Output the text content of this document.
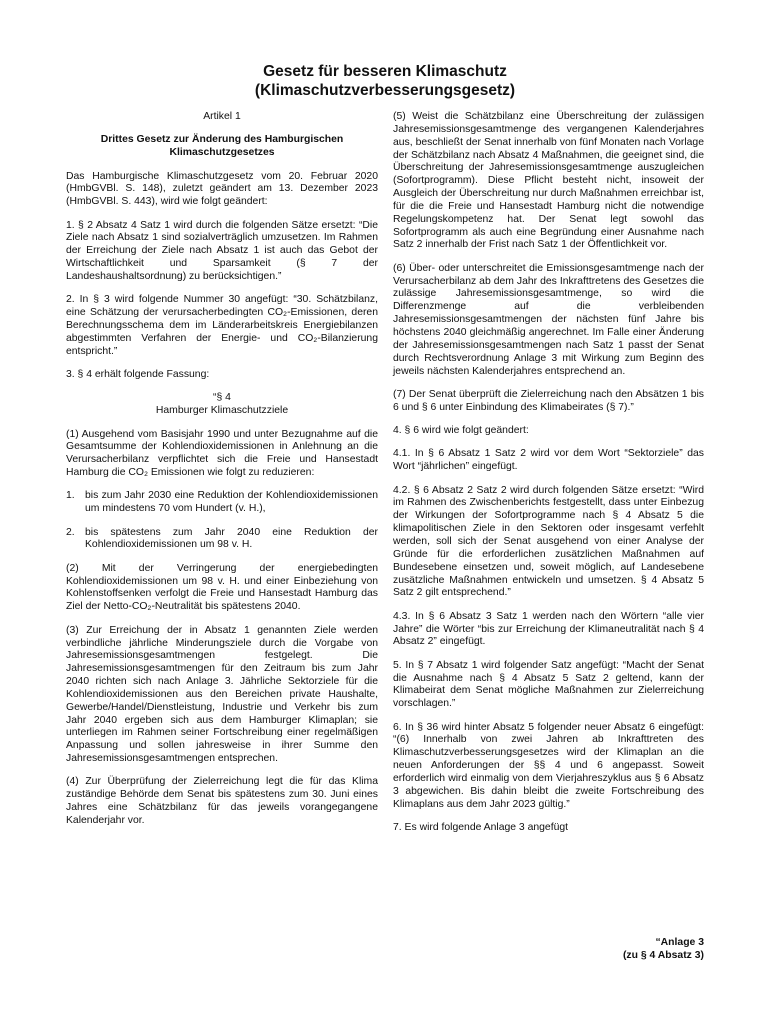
Gesetz für besseren Klimaschutz
(Klimaschutzverbesserungsgesetz)

Artikel 1

Drittes Gesetz zur Änderung des Hamburgischen

Klimaschutzgesetzes

Das Hamburgische Klimaschutzgesetz vom 20. Februar 2020 (HmbGVBl. S. 148), zuletzt geändert am 13. Dezember 2023 (HmbGVBl. S. 443), wird wie folgt geändert:

1. § 2 Absatz 4 Satz 1 wird durch die folgenden Sätze ersetzt: “Die Ziele nach Absatz 1 sind sozialverträglich umzusetzen. Im Rahmen der Erreichung der Ziele nach Absatz 1 ist auch das Gebot der Wirtschaftlichkeit und Sparsamkeit (§ 7 der Landeshaushaltsordnung) zu berücksichtigen.”

2. In § 3 wird folgende Nummer 30 angefügt: “30. Schätzbilanz, eine Schätzung der verursacherbedingten CO₂-Emissionen, deren Berechnungsschema dem im Länderarbeitskreis Energiebilanzen abgestimmten Verfahren der Energie- und CO₂-Bilanzierung entspricht.”

3. § 4 erhält folgende Fassung:

“§ 4

Hamburger Klimaschutzziele

(1) Ausgehend vom Basisjahr 1990 und unter Bezugnahme auf die Gesamtsumme der Kohlendioxidemissionen in Anlehnung an die Verursacherbilanz verpflichtet sich die Freie und Hansestadt Hamburg die CO₂ Emissionen wie folgt zu reduzieren:

1. bis zum Jahr 2030 eine Reduktion der Kohlendioxidemissionen um mindestens 70 vom Hundert (v. H.),
2. bis spätestens zum Jahr 2040 eine Reduktion der Kohlendioxidemissionen um 98 v. H.

(2) Mit der Verringerung der energiebedingten Kohlendioxidemissionen um 98 v. H. und einer Einbeziehung von Kohlenstoffsenken verfolgt die Freie und Hansestadt Hamburg das Ziel der Netto-CO₂-Neutralität bis spätestens 2040.

(3) Zur Erreichung der in Absatz 1 genannten Ziele werden verbindliche jährliche Minderungsziele durch die Vorgabe von Jahresemissionsgesamtmengen festgelegt. Die Jahresemissionsgesamtmengen für den Zeitraum bis zum Jahr 2040 richten sich nach Anlage 3. Jährliche Sektorziele für die Kohlendioxidemissionen aus den Bereichen private Haushalte, Gewerbe/Handel/Dienstleistung, Industrie und Verkehr bis zum Jahr 2040 ergeben sich aus dem Hamburger Klimaplan; sie unterliegen im Rahmen seiner Fortschreibung einer regelmäßigen Anpassung und sollen jahresweise in ihrer Summe den Jahresemissionsgesamtmengen entsprechen.

(4) Zur Überprüfung der Zielerreichung legt die für das Klima zuständige Behörde dem Senat bis spätestens zum 30. Juni eines Jahres eine Schätzbilanz für das jeweils vorangegangene Kalenderjahr vor.

(5) Weist die Schätzbilanz eine Überschreitung der zulässigen Jahresemissionsgesamtmenge des vergangenen Kalenderjahres aus, beschließt der Senat innerhalb von fünf Monaten nach Vorlage der Schätzbilanz nach Absatz 4 Maßnahmen, die geeignet sind, die Überschreitung der Jahresemissionsgesamtmenge auszugleichen (Sofortprogramm). Diese Pflicht besteht nicht, insoweit der Ausgleich der Überschreitung nur durch Maßnahmen erreichbar ist, für die die Freie und Hansestadt Hamburg nicht die notwendige Regelungskompetenz hat. Der Senat legt sowohl das Sofortprogramm als auch eine Begründung einer Ausnahme nach Satz 2 innerhalb der Frist nach Satz 1 der Öffentlichkeit vor.

(6) Über- oder unterschreitet die Emissionsgesamtmenge nach der Verursacherbilanz ab dem Jahr des Inkrafttretens des Gesetzes die zulässige Jahresemissionsgesamtmenge, so wird die Differenzmenge auf die verbleibenden Jahresemissionsgesamtmengen der nächsten fünf Jahre bis höchstens 2040 gleichmäßig angerechnet. Im Falle einer Änderung der Jahresemissionsgesamtmengen nach Satz 1 passt der Senat durch Rechtsverordnung Anlage 3 mit Wirkung zum Beginn des jeweils nächsten Kalenderjahres entsprechend an.

(7) Der Senat überprüft die Zielerreichung nach den Absätzen 1 bis 6 und § 6 unter Einbindung des Klimabeirates (§ 7).”

4. § 6 wird wie folgt geändert:

4.1. In § 6 Absatz 1 Satz 2 wird vor dem Wort “Sektorziele” das Wort “jährlichen” eingefügt.

4.2. § 6 Absatz 2 Satz 2 wird durch folgenden Sätze ersetzt: “Wird im Rahmen des Zwischenberichts festgestellt, dass unter Einbezug der Wirkungen der Sofortprogramme nach § 4 Absatz 5 die klimapolitischen Ziele in den Sektoren oder insgesamt verfehlt werden, soll sich der Senat ausgehend von einer Analyse der Gründe für die erforderlichen zusätzlichen Maßnahmen auf Bundesebene einsetzen und, soweit möglich, auf Landesebene zusätzliche Maßnahmen entwickeln und umsetzen. § 4 Absatz 5 Satz 2 gilt entsprechend.”

4.3. In § 6 Absatz 3 Satz 1 werden nach den Wörtern “alle vier Jahre” die Wörter “bis zur Erreichung der Klimaneutralität nach § 4 Absatz 2” eingefügt.

5. In § 7 Absatz 1 wird folgender Satz angefügt: “Macht der Senat die Ausnahme nach § 4 Absatz 5 Satz 2 geltend, kann der Klimabeirat dem Senat mögliche Maßnahmen zur Zielerreichung vorschlagen.”

6. In § 36 wird hinter Absatz 5 folgender neuer Absatz 6 eingefügt: “(6) Innerhalb von zwei Jahren ab Inkrafttreten des Klimaschutzverbesserungsgesetzes wird der Klimaplan an die neuen Anforderungen der §§ 4 und 6 angepasst. Soweit erforderlich wird einmalig von dem Vierjahreszyklus aus § 6 Absatz 3 abgewichen. Bis dahin bleibt die zweite Fortschreibung des Klimaplans aus dem Jahr 2023 gültig.”

7. Es wird folgende Anlage 3 angefügt

“Anlage 3
(zu § 4 Absatz 3)
